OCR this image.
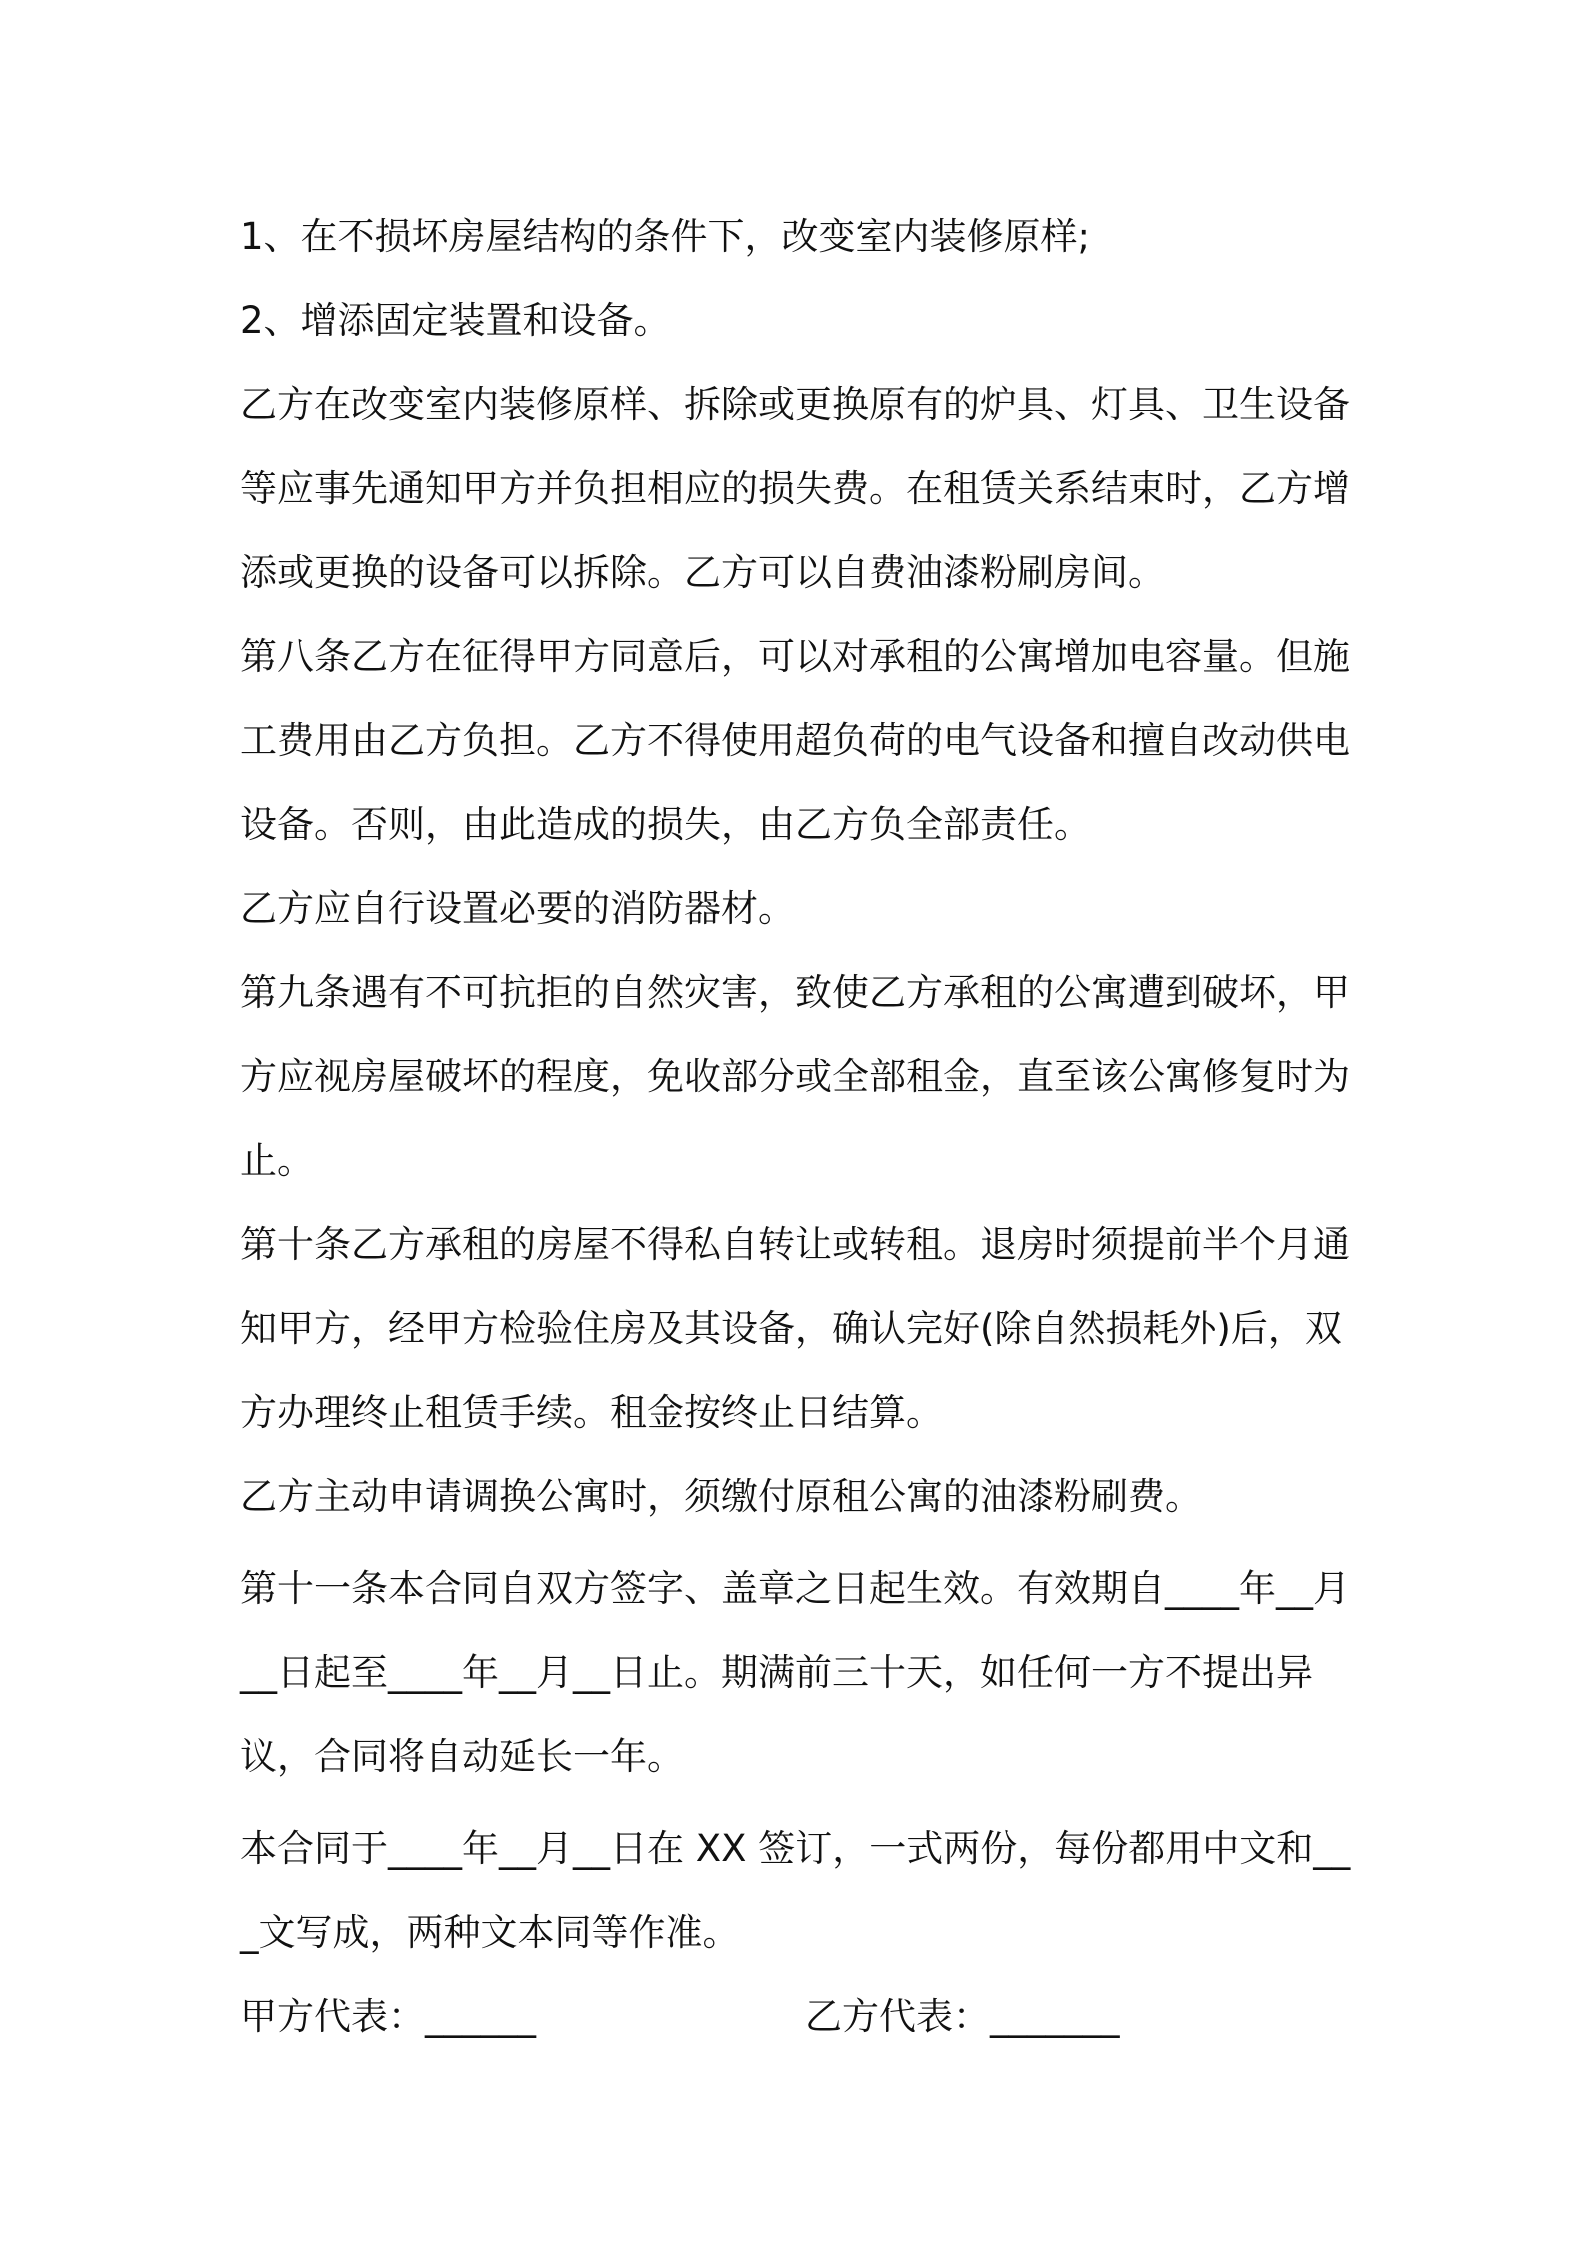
1、在不损坏房屋结构的条件下，改变室内装修原样;

2、增添固定装置和设备。

乙方在改变室内装修原样、拆除或更换原有的炉具、灯具、卫生设备等应事先通知甲方并负担相应的损失费。在租赁关系结束时，乙方增添或更换的设备可以拆除。乙方可以自费油漆粉刷房间。

第八条乙方在征得甲方同意后，可以对承租的公寓增加电容量。但施工费用由乙方负担。乙方不得使用超负荷的电气设备和擅自改动供电设备。否则，由此造成的损失，由乙方负全部责任。

乙方应自行设置必要的消防器材。

第九条遇有不可抗拒的自然灾害，致使乙方承租的公寓遭到破坏，甲方应视房屋破坏的程度，免收部分或全部租金，直至该公寓修复时为止。

第十条乙方承租的房屋不得私自转让或转租。退房时须提前半个月通知甲方，经甲方检验住房及其设备，确认完好(除自然损耗外)后，双方办理终止租赁手续。租金按终止日结算。

乙方主动申请调换公寓时，须缴付原租公寓的油漆粉刷费。

第十一条本合同自双方签字、盖章之日起生效。有效期自____年__月__日起至____年__月__日止。期满前三十天，如任何一方不提出异议，合同将自动延长一年。

本合同于____年__月__日在 XX 签订，一式两份，每份都用中文和___文写成，两种文本同等作准。

甲方代表：______	乙方代表：_______
